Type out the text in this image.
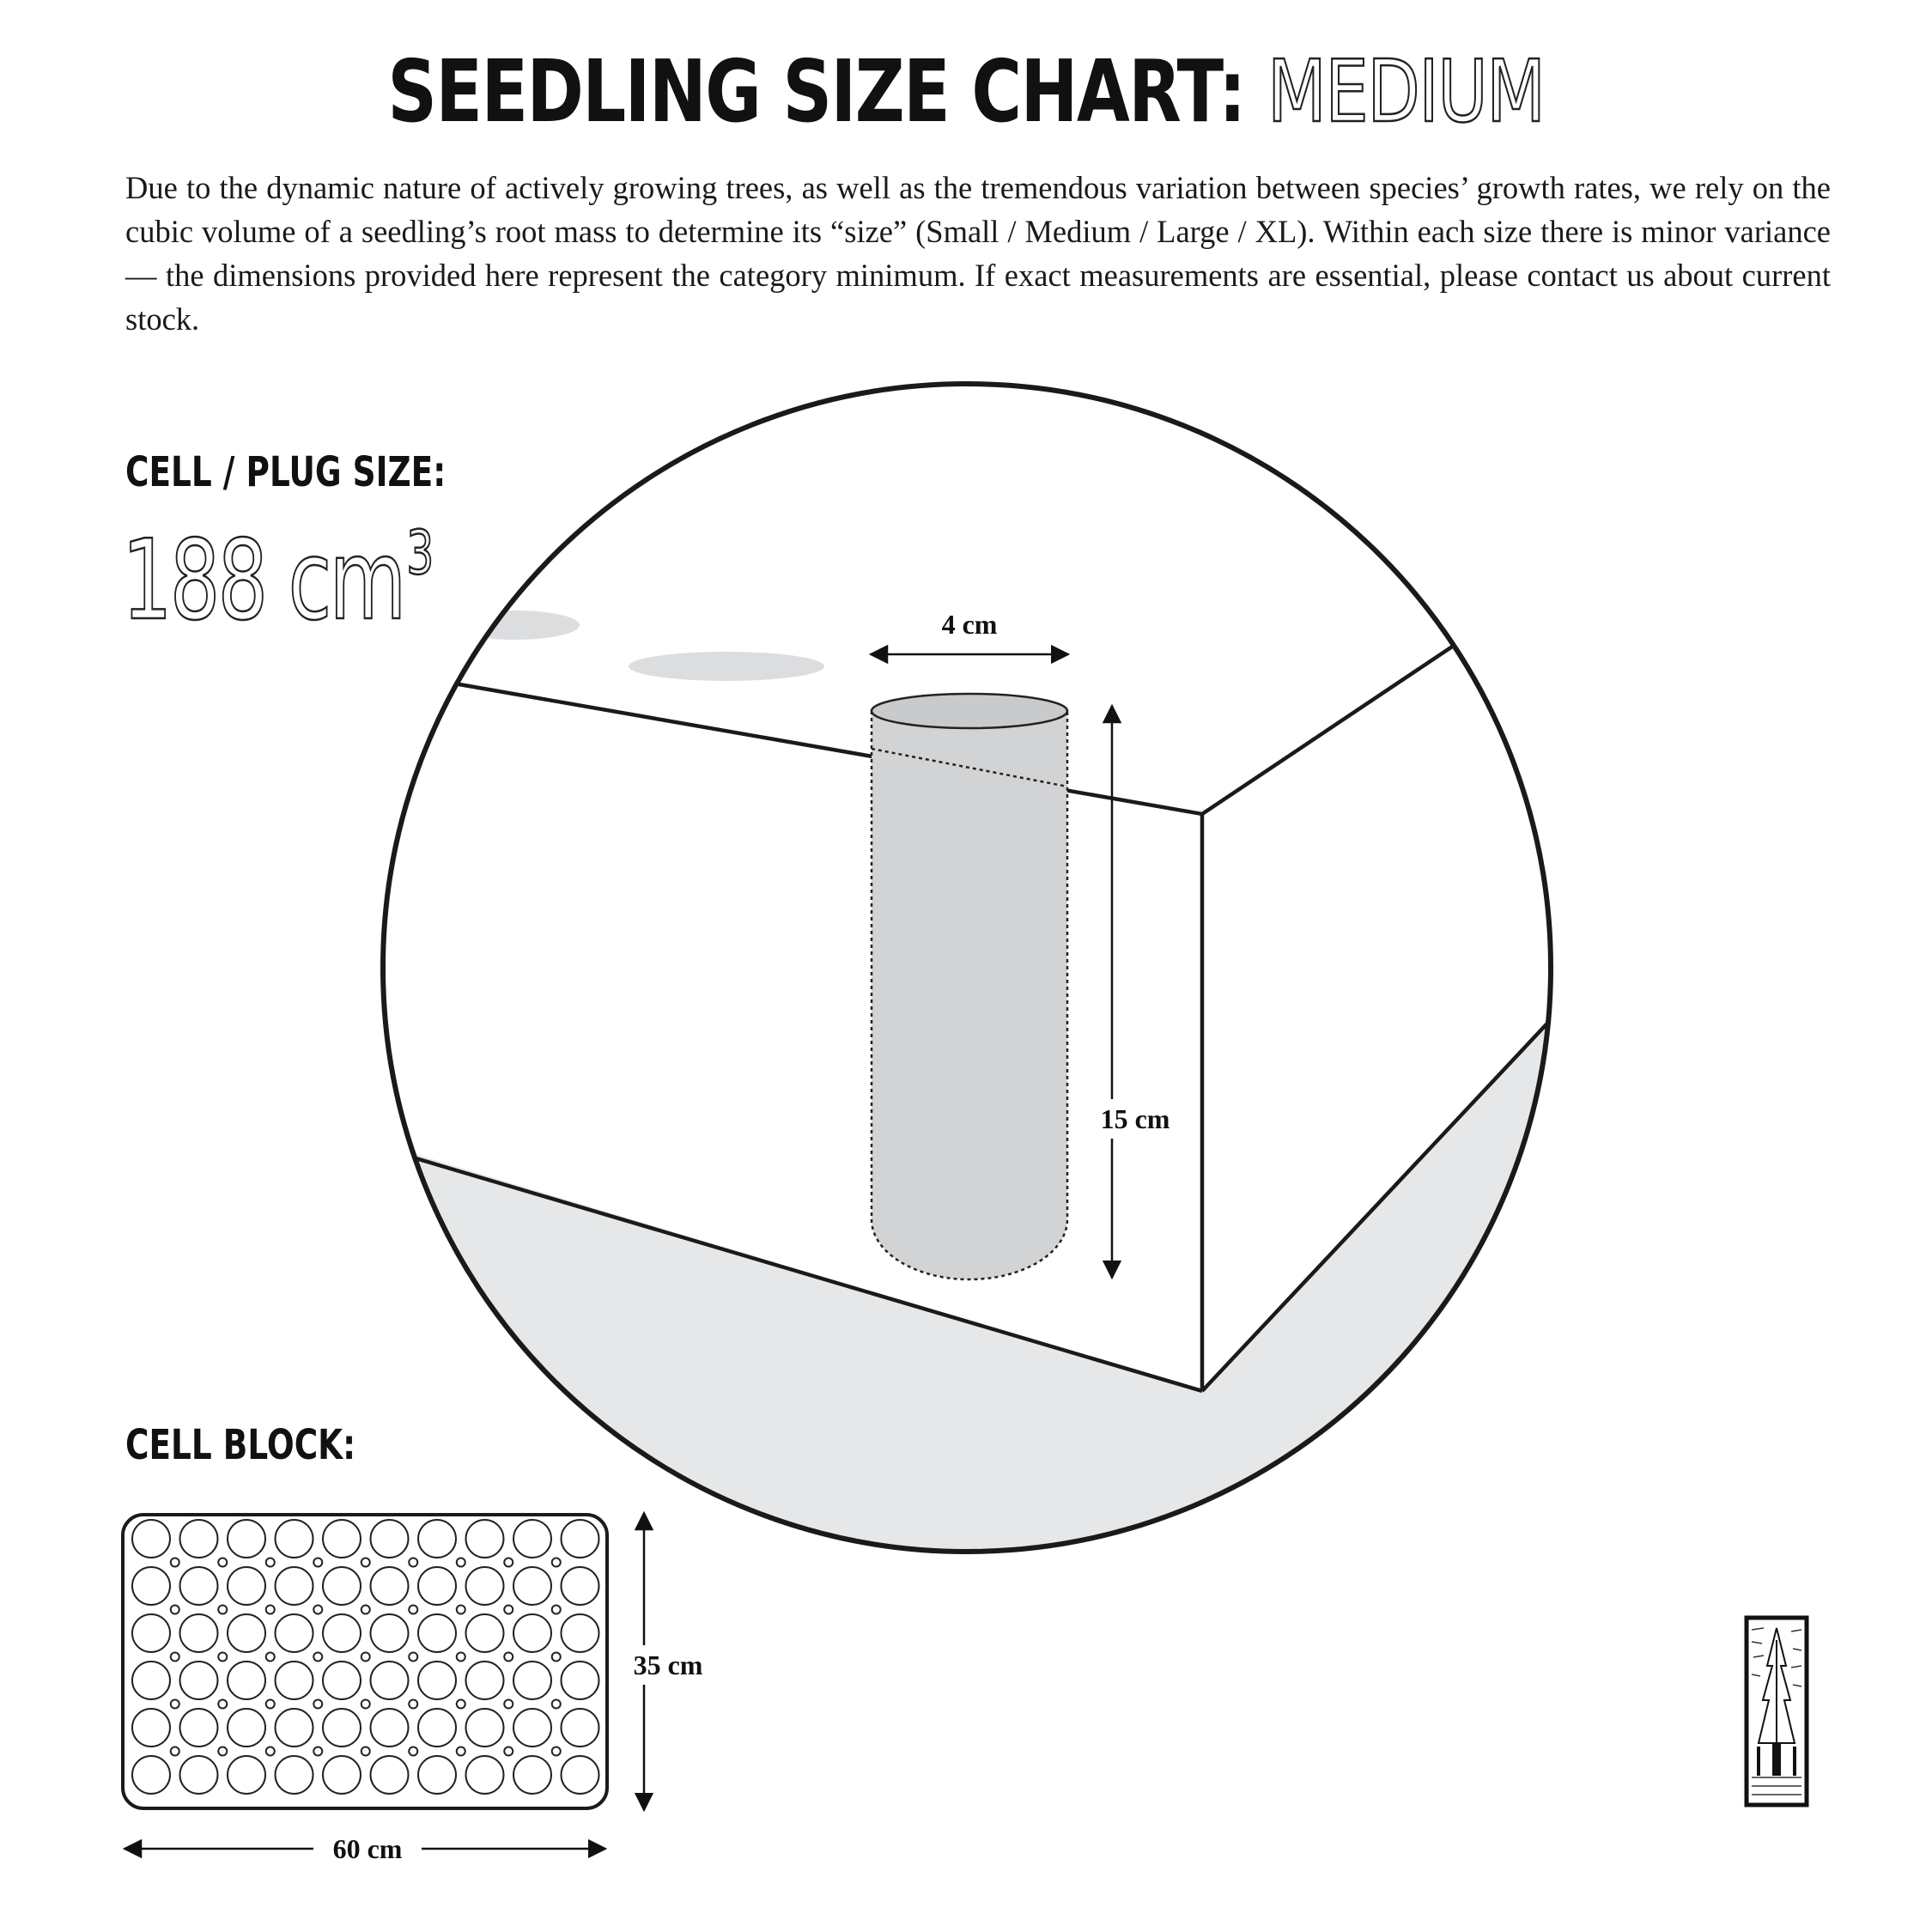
SEEDLING SIZE CHART: MEDIUM

Due to the dynamic nature of actively growing trees, as well as the tremendous variation between species’ growth rates, we rely on the cubic volume of a seedling’s root mass to determine its “size” (Small / Medium / Large / XL). Within each size there is minor variance — the dimensions provided here represent the category minimum. If exact measurements are essential, please contact us about current stock.

CELL / PLUG SIZE:
188 $cm^3$
CELL BLOCK:
4 cm
15 cm
35 cm
60 cm
